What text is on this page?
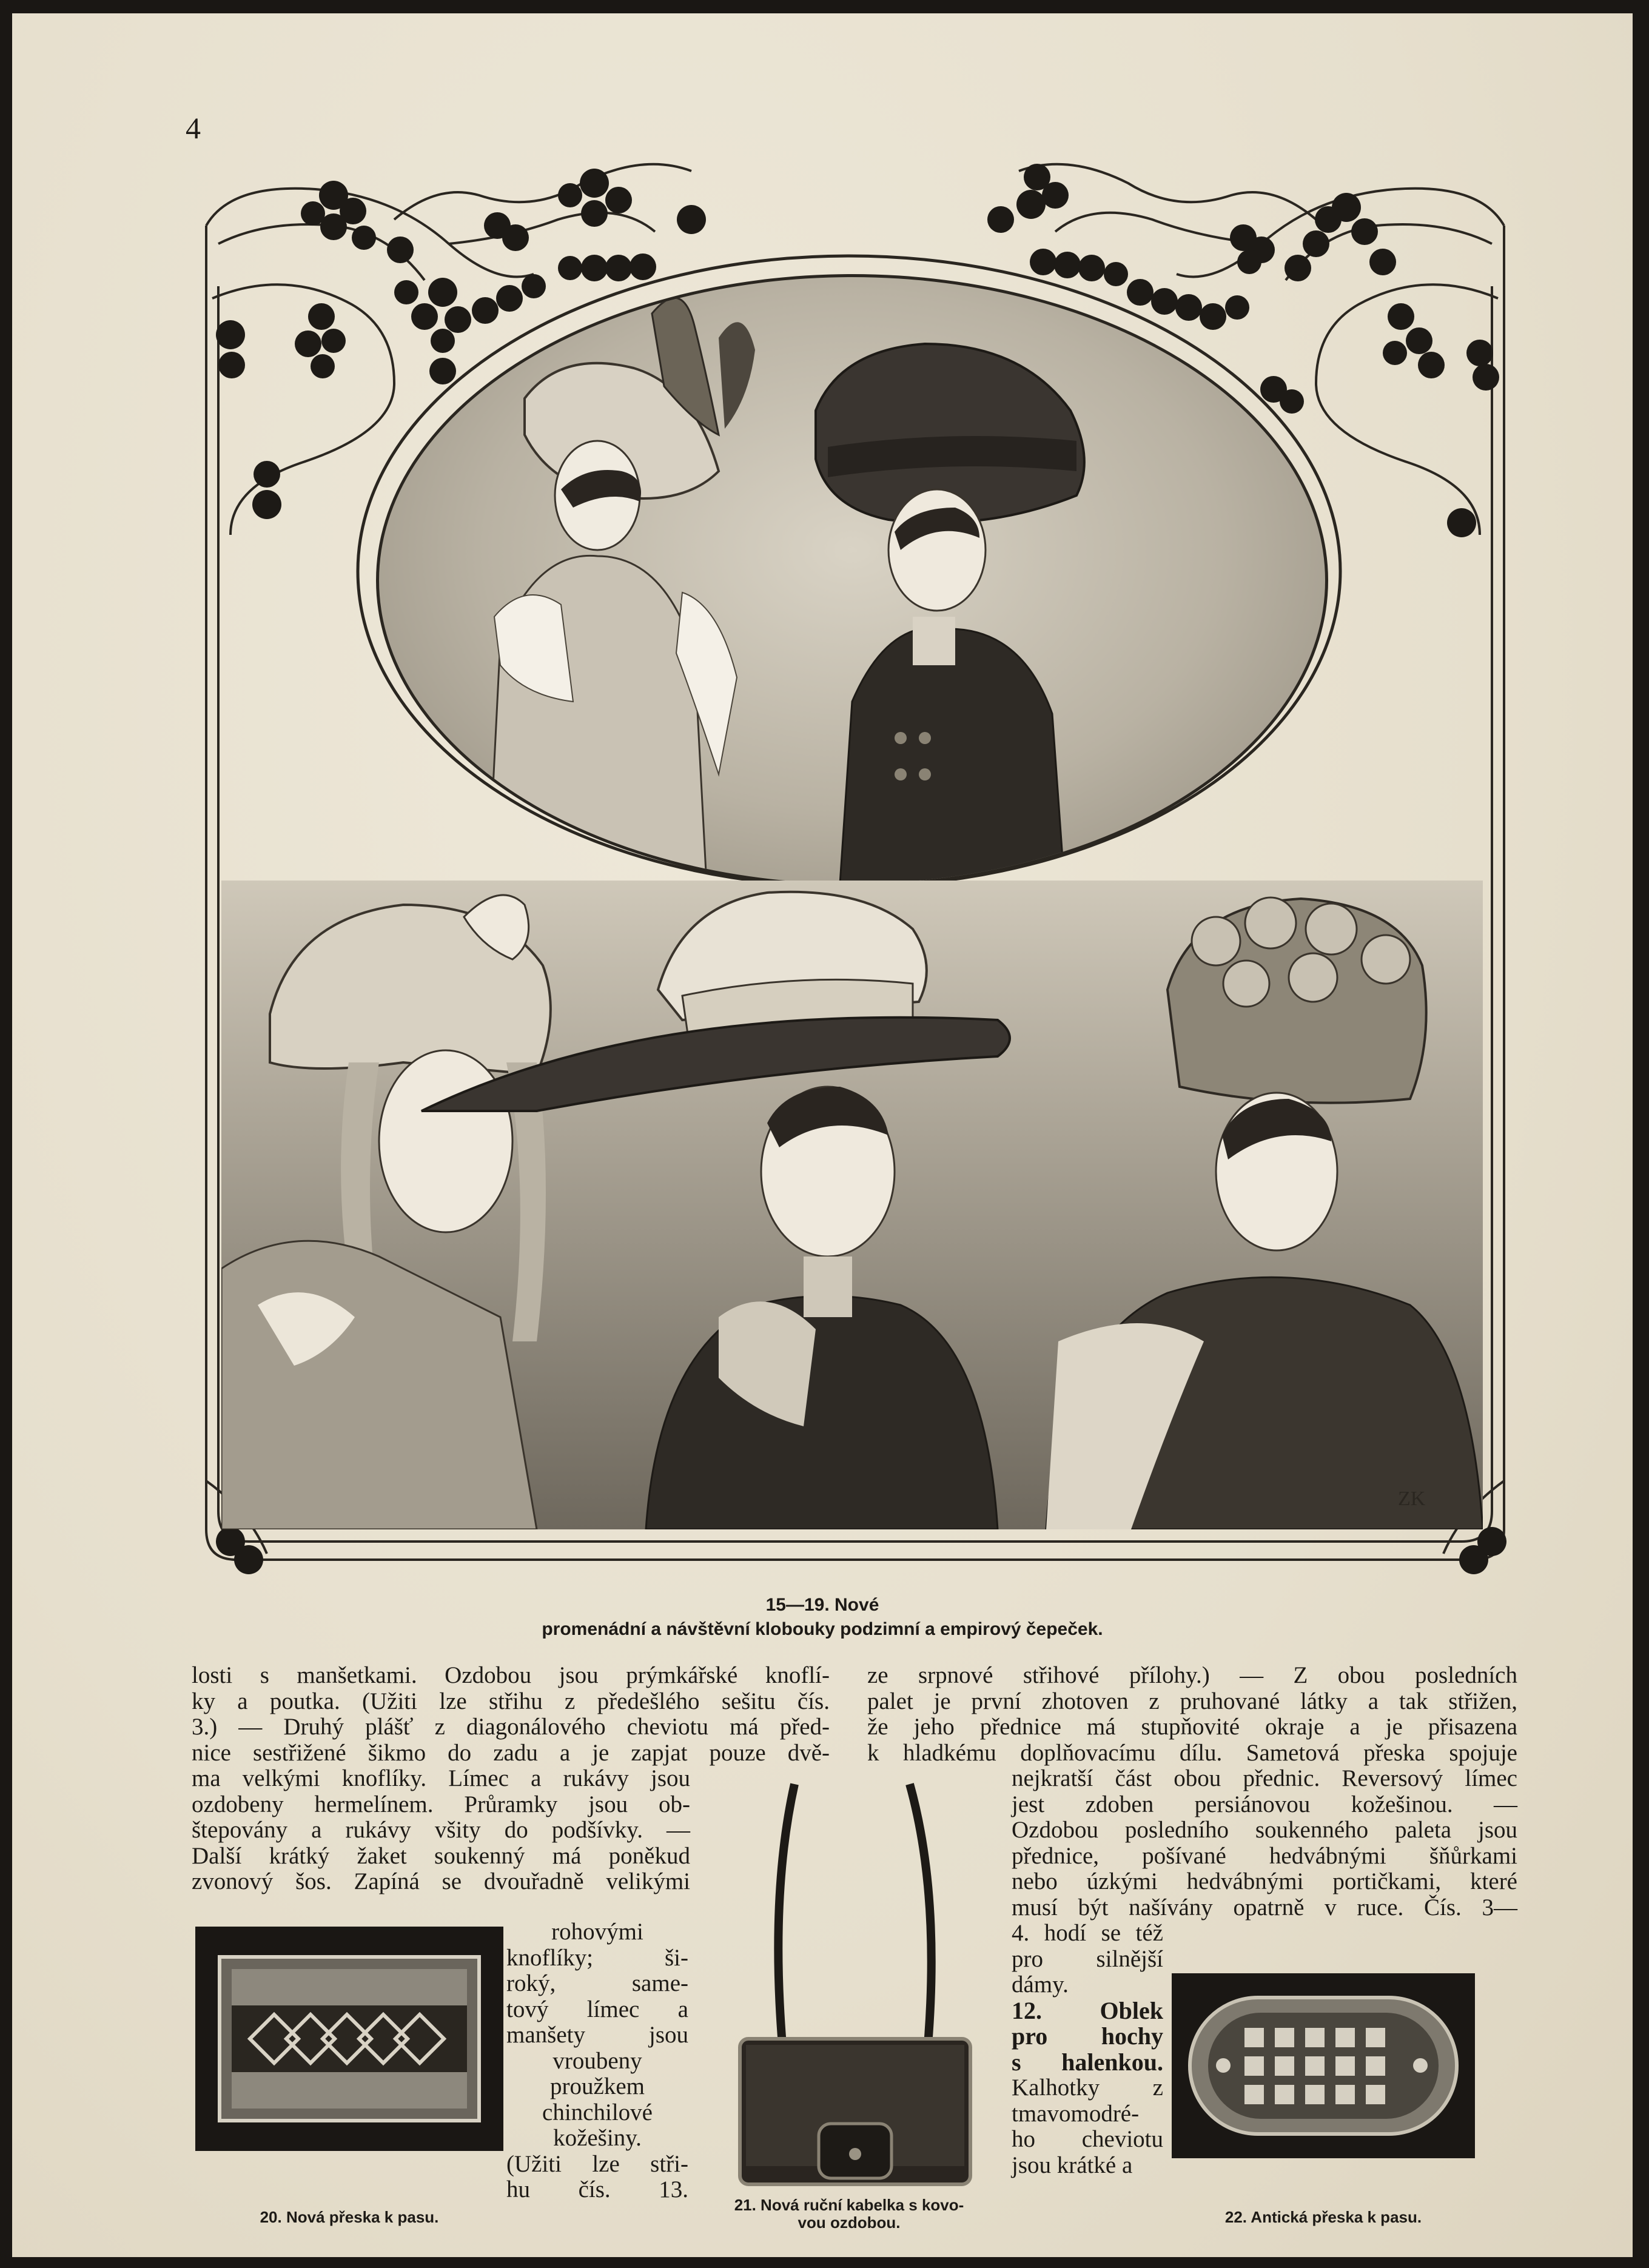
4
ZK
15—19. Nové
promenádní a návštěvní klobouky podzimní a empirový čepeček.
losti s manšetkami. Ozdobou jsou prýmkářské knoflí-
ky a poutka. (Užiti lze střihu z předešlého sešitu čís.
3.) — Druhý plášť z diagonálového cheviotu má před-
nice sestřižené šikmo do zadu a je zapjat pouze dvě-
ma velkými knoflíky. Límec a rukávy jsou
ozdobeny hermelínem. Průramky jsou ob-
štepovány a rukávy všity do podšívky. —
Další krátký žaket soukenný má poněkud
zvonový šos. Zapíná se dvouřadně velikými
rohovými
knoflíky; ši-
roký, same-
tový límec a
manšety jsou
vroubeny
proužkem
chinchilové
kožešiny.
(Užiti lze stři-
hu čís. 13.
ze srpnové střihové přílohy.) — Z obou posledních
palet je první zhotoven z pruhované látky a tak střižen,
že jeho přednice má stupňovité okraje a je přisazena
k hladkému doplňovacímu dílu. Sametová přeska spojuje
nejkratší část obou přednic. Reversový límec
jest zdoben persiánovou kožešinou. —
Ozdobou posledního soukenného paleta jsou
přednice, pošívané hedvábnými šňůrkami
nebo úzkými hedvábnými portičkami, které
musí být našívány opatrně v ruce. Čís. 3—
4. hodí se též
pro silnější
dámy.
12. Oblek
pro hochy
s halenkou.
Kalhotky z
tmavomodré-
ho cheviotu
jsou krátké a
20. Nová přeska k pasu.
21. Nová ruční kabelka s kovo-
vou ozdobou.	22. Antická přeska k pasu.
